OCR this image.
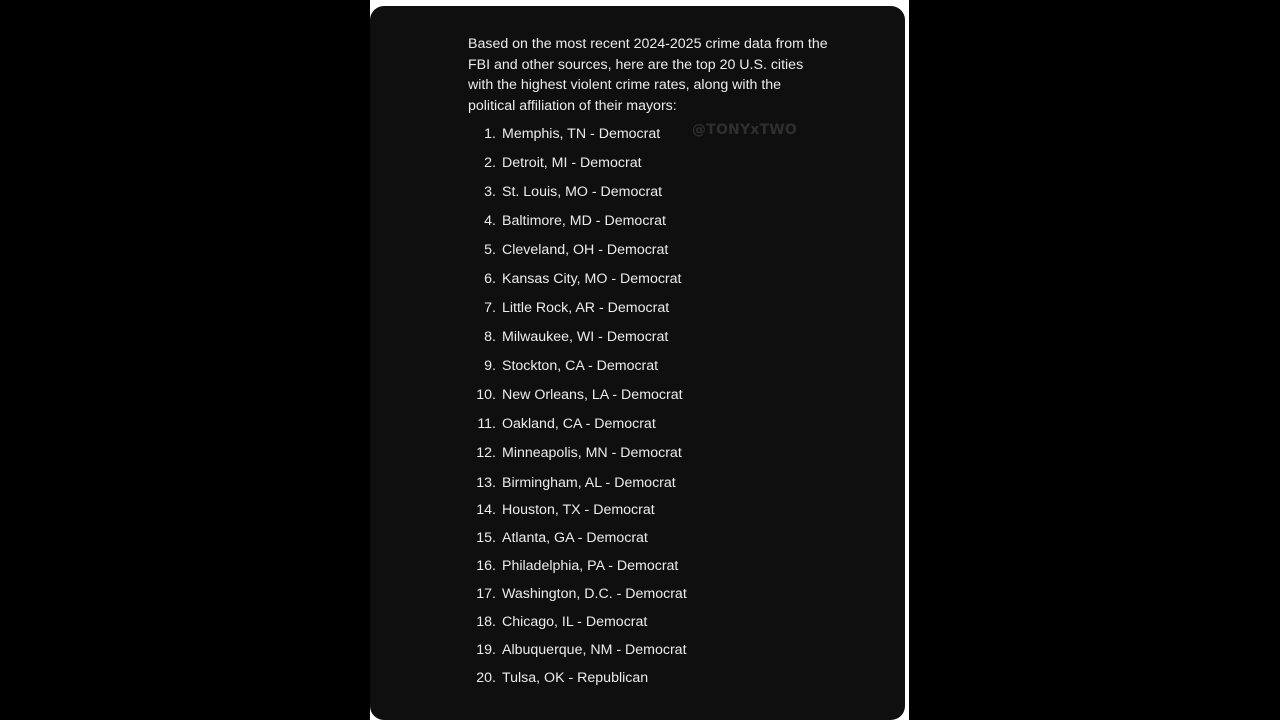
Based on the most recent 2024-2025 crime data from the FBI and other sources, here are the top 20 U.S. cities with the highest violent crime rates, along with the political affiliation of their mayors:

@TONYxTWO
1. Memphis, TN - Democrat
2. Detroit, MI - Democrat
3. St. Louis, MO - Democrat
4. Baltimore, MD - Democrat
5. Cleveland, OH - Democrat
6. Kansas City, MO - Democrat
7. Little Rock, AR - Democrat
8. Milwaukee, WI - Democrat
9. Stockton, CA - Democrat
10. New Orleans, LA - Democrat
11. Oakland, CA - Democrat
12. Minneapolis, MN - Democrat
13. Birmingham, AL - Democrat
14. Houston, TX - Democrat
15. Atlanta, GA - Democrat
16. Philadelphia, PA - Democrat
17. Washington, D.C. - Democrat
18. Chicago, IL - Democrat
19. Albuquerque, NM - Democrat
20. Tulsa, OK - Republican
